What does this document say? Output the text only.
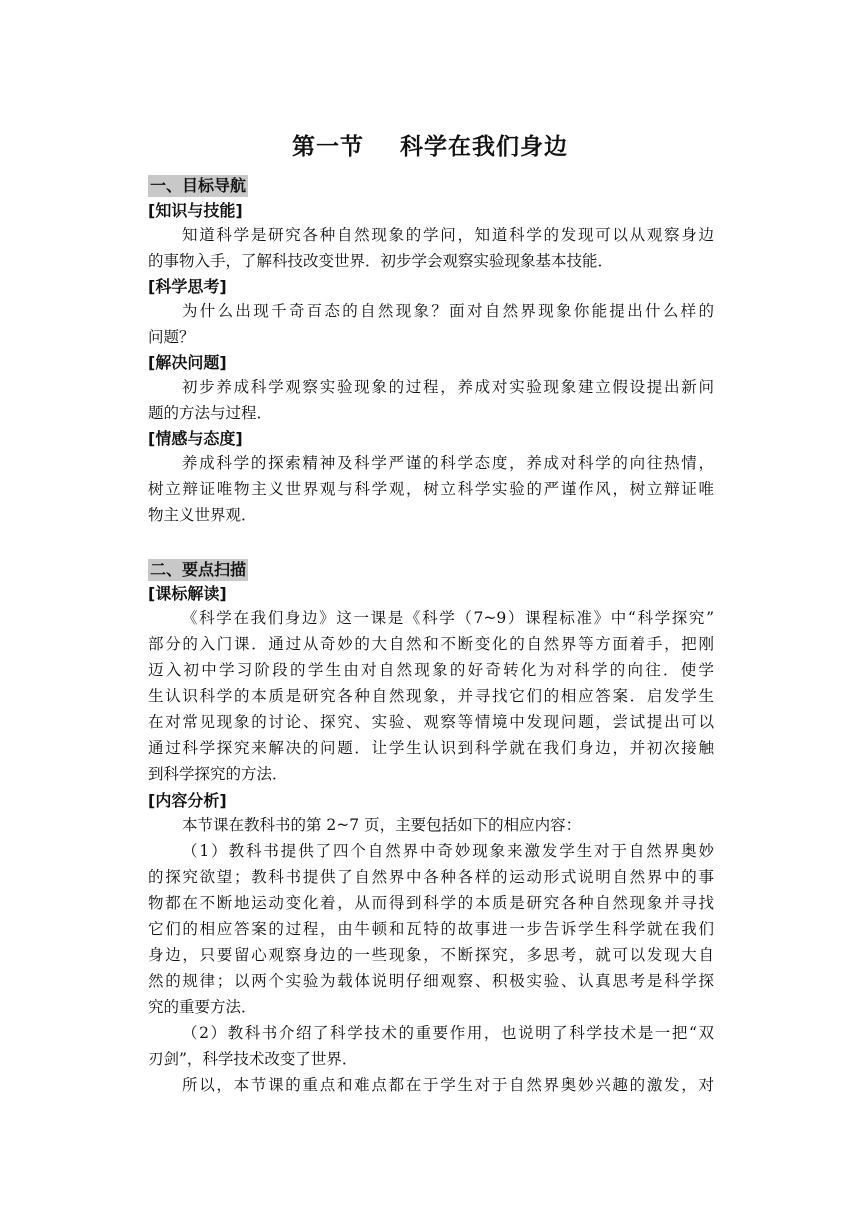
第一节    科学在我们身边
一、目标导航
[知识与技能]
知道科学是研究各种自然现象的学问，知道科学的发现可以从观察身边
的事物入手，了解科技改变世界．初步学会观察实验现象基本技能．
[科学思考]
为什么出现千奇百态的自然现象？面对自然界现象你能提出什么样的
问题？
[解决问题]
初步养成科学观察实验现象的过程，养成对实验现象建立假设提出新问
题的方法与过程．
[情感与态度]
养成科学的探索精神及科学严谨的科学态度，养成对科学的向往热情，
树立辩证唯物主义世界观与科学观，树立科学实验的严谨作风，树立辩证唯
物主义世界观．
二、要点扫描
[课标解读]
《科学在我们身边》这一课是《科学（7~9）课程标准》中“科学探究”
部分的入门课．通过从奇妙的大自然和不断变化的自然界等方面着手，把刚
迈入初中学习阶段的学生由对自然现象的好奇转化为对科学的向往．使学
生认识科学的本质是研究各种自然现象，并寻找它们的相应答案．启发学生
在对常见现象的讨论、探究、实验、观察等情境中发现问题，尝试提出可以
通过科学探究来解决的问题．让学生认识到科学就在我们身边，并初次接触
到科学探究的方法．
[内容分析]
本节课在教科书的第 2~7 页，主要包括如下的相应内容：
（1）教科书提供了四个自然界中奇妙现象来激发学生对于自然界奥妙
的探究欲望；教科书提供了自然界中各种各样的运动形式说明自然界中的事
物都在不断地运动变化着，从而得到科学的本质是研究各种自然现象并寻找
它们的相应答案的过程，由牛顿和瓦特的故事进一步告诉学生科学就在我们
身边，只要留心观察身边的一些现象，不断探究，多思考，就可以发现大自
然的规律；以两个实验为载体说明仔细观察、积极实验、认真思考是科学探
究的重要方法．
（2）教科书介绍了科学技术的重要作用，也说明了科学技术是一把“双
刃剑”，科学技术改变了世界．
所以，本节课的重点和难点都在于学生对于自然界奥妙兴趣的激发，对
